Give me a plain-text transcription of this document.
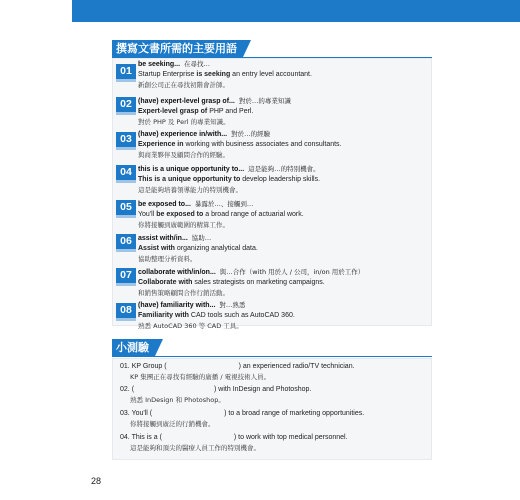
撰寫文書所需的主要用語
01
be seeking... 在尋找…
Startup Enterprise is seeking an entry level accountant.
新創公司正在尋找初階會計師。
02 (have) expert-level grasp of... 對於…的專業知識
Expert-level grasp of PHP and Perl.
對於 PHP 及 Perl 的專業知識。
03 (have) experience in/with... 對於…的經驗
Experience in working with business associates and consultants.
與商業夥伴及顧問合作的經驗。
04 this is a unique opportunity to... 這是能夠…的特別機會。
This is a unique opportunity to develop leadership skills.
這是能夠培養領導能力的特別機會。
05 be exposed to... 暴露於…、接觸到…
You'll be exposed to a broad range of actuarial work.
你將接觸到廣範圍的精算工作。
06 assist with/in... 協助…
Assist with organizing analytical data.
協助整理分析資料。
07 collaborate with/in/on... 與…合作（with 用於人 / 公司，in/on 用於工作）
Collaborate with sales strategists on marketing campaigns.
和銷售策略顧問合作行銷活動。
08 (have) familiarity with... 對…熟悉
Familiarity with CAD tools such as AutoCAD 360.
熟悉 AutoCAD 360 等 CAD 工具。
小測驗
01. KP Group (	) an experienced radio/TV technician.
KP 集團正在尋找有經驗的廣播 / 電視技術人員。
02. (	) with InDesign and Photoshop.
熟悉 InDesign 和 Photoshop。
03. You'll (	) to a broad range of marketing opportunities.
你將接觸到廣泛的行銷機會。
04. This is a (	) to work with top medical personnel.
這是能夠和頂尖的醫療人員工作的特別機會。
28
